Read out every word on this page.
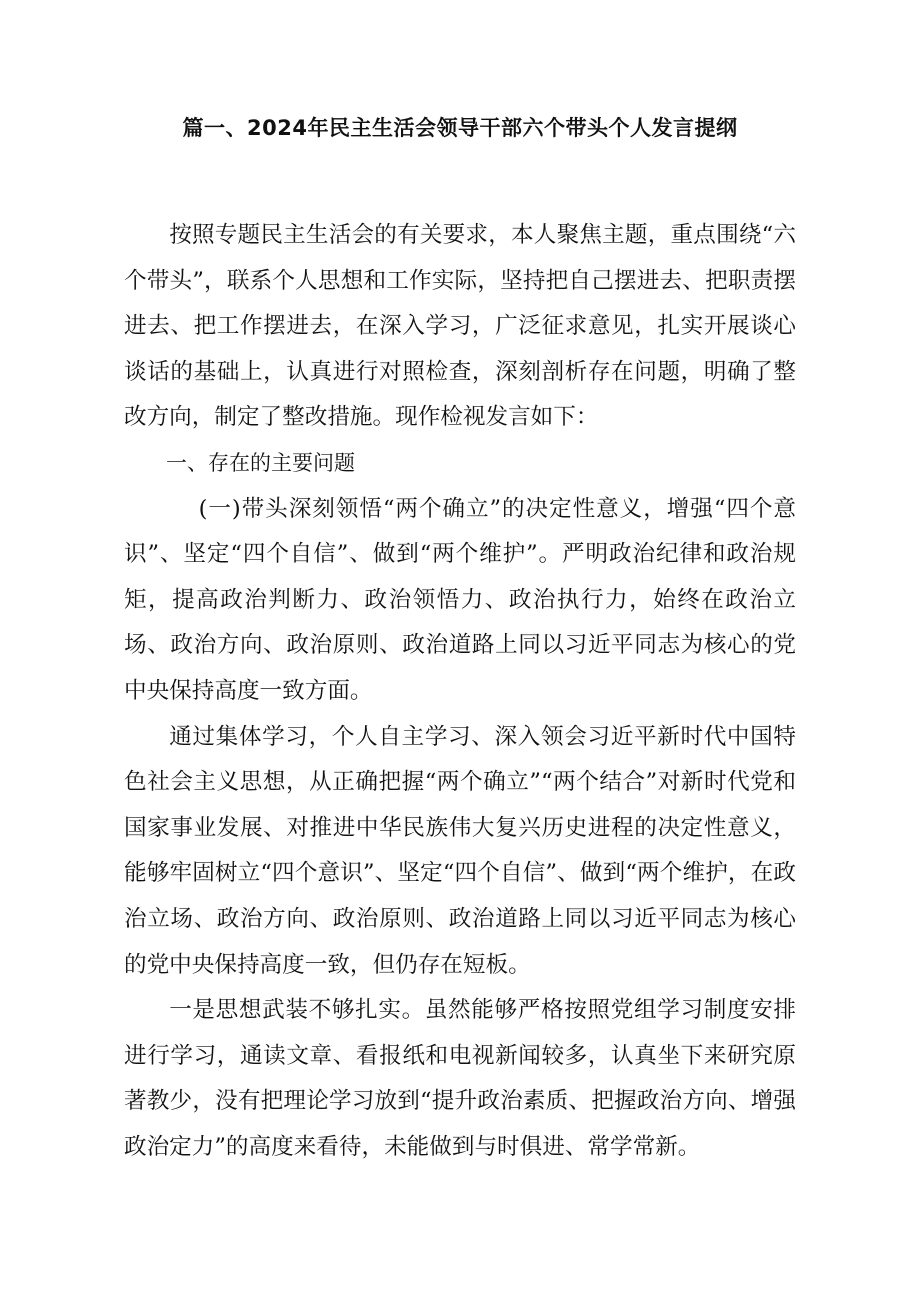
篇一、2024年民主生活会领导干部六个带头个人发言提纲

按照专题民主生活会的有关要求，本人聚焦主题，重点围绕“六个带头”，联系个人思想和工作实际，坚持把自己摆进去、把职责摆进去、把工作摆进去，在深入学习，广泛征求意见，扎实开展谈心谈话的基础上，认真进行对照检查，深刻剖析存在问题，明确了整改方向，制定了整改措施。现作检视发言如下：

一、存在的主要问题

(一)带头深刻领悟“两个确立”的决定性意义，增强“四个意识”、坚定“四个自信”、做到“两个维护”。严明政治纪律和政治规矩，提高政治判断力、政治领悟力、政治执行力，始终在政治立场、政治方向、政治原则、政治道路上同以习近平同志为核心的党中央保持高度一致方面。

通过集体学习，个人自主学习、深入领会习近平新时代中国特色社会主义思想，从正确把握“两个确立”“两个结合”对新时代党和国家事业发展、对推进中华民族伟大复兴历史进程的决定性意义，能够牢固树立“四个意识”、坚定“四个自信”、做到“两个维护，在政治立场、政治方向、政治原则、政治道路上同以习近平同志为核心的党中央保持高度一致，但仍存在短板。

一是思想武装不够扎实。虽然能够严格按照党组学习制度安排进行学习，通读文章、看报纸和电视新闻较多，认真坐下来研究原著教少，没有把理论学习放到“提升政治素质、把握政治方向、增强政治定力”的高度来看待，未能做到与时俱进、常学常新。
